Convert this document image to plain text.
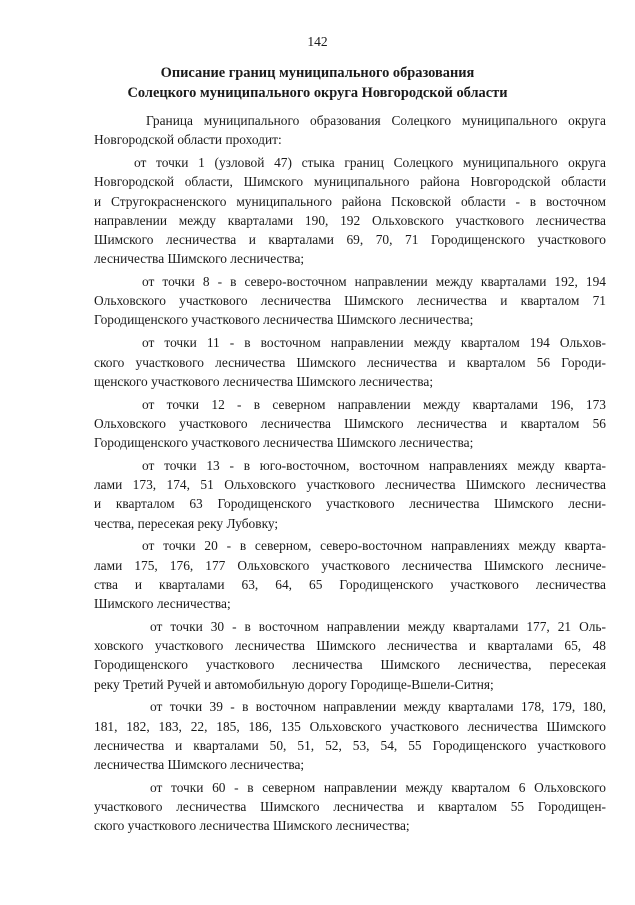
142
Описание границ муниципального образования
Солецкого муниципального округа Новгородской области

Граница муниципального образования Солецкого муниципального округа
Новгородской области проходит:

от точки 1 (узловой 47) стыка границ Солецкого муниципального округа
Новгородской области, Шимского муниципального района Новгородской области
и Стругокрасненского муниципального района Псковской области - в восточном
направлении между кварталами 190, 192 Ольховского участкового лесничества
Шимского лесничества и кварталами 69, 70, 71 Городищенского участкового
лесничества Шимского лесничества;

от точки 8 - в северо-восточном направлении между кварталами 192, 194
Ольховского участкового лесничества Шимского лесничества и кварталом 71
Городищенского участкового лесничества Шимского лесничества;

от точки 11 - в восточном направлении между кварталом 194 Ольхов-
ского участкового лесничества Шимского лесничества и кварталом 56 Городи-
щенского участкового лесничества Шимского лесничества;

от точки 12 - в северном направлении между кварталами 196, 173
Ольховского участкового лесничества Шимского лесничества и кварталом 56
Городищенского участкового лесничества Шимского лесничества;

от точки 13 - в юго-восточном, восточном направлениях между кварта-
лами 173, 174, 51 Ольховского участкового лесничества Шимского лесничества
и кварталом 63 Городищенского участкового лесничества Шимского лесни-
чества, пересекая реку Лубовку;

от точки 20 - в северном, северо-восточном направлениях между кварта-
лами 175, 176, 177 Ольховского участкового лесничества Шимского лесниче-
ства и кварталами 63, 64, 65 Городищенского участкового лесничества
Шимского лесничества;

от точки 30 - в восточном направлении между кварталами 177, 21 Оль-
ховского участкового лесничества Шимского лесничества и кварталами 65, 48
Городищенского участкового лесничества Шимского лесничества, пересекая
реку Третий Ручей и автомобильную дорогу Городище-Вшели-Ситня;

от точки 39 - в восточном направлении между кварталами 178, 179, 180,
181, 182, 183, 22, 185, 186, 135 Ольховского участкового лесничества Шимского
лесничества и кварталами 50, 51, 52, 53, 54, 55 Городищенского участкового
лесничества Шимского лесничества;

от точки 60 - в северном направлении между кварталом 6 Ольховского
участкового лесничества Шимского лесничества и кварталом 55 Городищен-
ского участкового лесничества Шимского лесничества;
